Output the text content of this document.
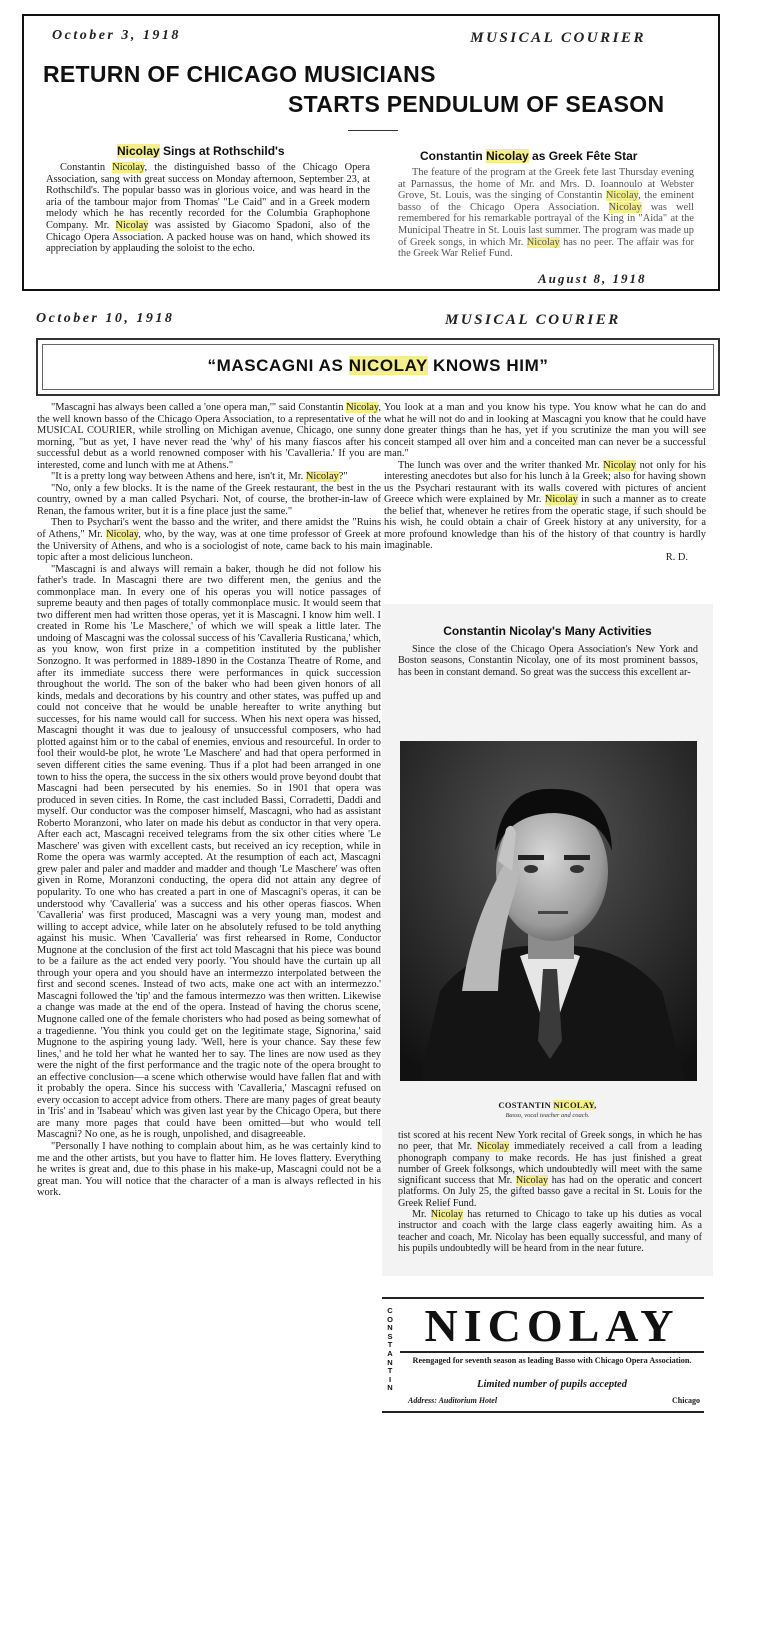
October 3, 1918	MUSICAL COURIER
RETURN OF CHICAGO MUSICIANS
STARTS PENDULUM OF SEASON
Nicolay Sings at Rothschild's
Constantin Nicolay, the distinguished basso of the Chicago Opera Association, sang with great success on Monday afternoon, September 23, at Rothschild's. The popular basso was in glorious voice, and was heard in the aria of the tambour major from Thomas' "Le Caid" and in a Greek modern melody which he has recently recorded for the Columbia Graphophone Company. Mr. Nicolay was assisted by Giacomo Spadoni, also of the Chicago Opera Association. A packed house was on hand, which showed its appreciation by applauding the soloist to the echo.
Constantin Nicolay as Greek Fête Star
The feature of the program at the Greek fete last Thursday evening at Parnassus, the home of Mr. and Mrs. D. Ioannoulo at Webster Grove, St. Louis, was the singing of Constantin Nicolay, the eminent basso of the Chicago Opera Association. Nicolay was well remembered for his remarkable portrayal of the King in "Aida" at the Municipal Theatre in St. Louis last summer. The program was made up of Greek songs, in which Mr. Nicolay has no peer. The affair was for the Greek War Relief Fund.
August 8, 1918
October 10, 1918	MUSICAL COURIER
“MASCAGNI AS NICOLAY KNOWS HIM”

"Mascagni has always been called a 'one opera man,'" said Constantin Nicolay, the well known basso of the Chicago Opera Association, to a representative of the MUSICAL COURIER, while strolling on Michigan avenue, Chicago, one sunny morning, "but as yet, I have never read the 'why' of his many fiascos after his successful debut as a world renowned composer with his 'Cavalleria.' If you are interested, come and lunch with me at Athens."

"It is a pretty long way between Athens and here, isn't it, Mr. Nicolay?"

"No, only a few blocks. It is the name of the Greek restaurant, the best in the country, owned by a man called Psychari. Not, of course, the brother-in-law of Renan, the famous writer, but it is a fine place just the same."

Then to Psychari's went the basso and the writer, and there amidst the "Ruins of Athens," Mr. Nicolay, who, by the way, was at one time professor of Greek at the University of Athens, and who is a sociologist of note, came back to his main topic after a most delicious luncheon.

"Mascagni is and always will remain a baker, though he did not follow his father's trade. In Mascagni there are two different men, the genius and the commonplace man. In every one of his operas you will notice passages of supreme beauty and then pages of totally commonplace music. It would seem that two different men had written those operas, yet it is Mascagni. I know him well. I created in Rome his 'Le Maschere,' of which we will speak a little later. The undoing of Mascagni was the colossal success of his 'Cavalleria Rusticana,' which, as you know, won first prize in a competition instituted by the publisher Sonzogno. It was performed in 1889-1890 in the Costanza Theatre of Rome, and after its immediate success there were performances in quick succession throughout the world. The son of the baker who had been given honors of all kinds, medals and decorations by his country and other states, was puffed up and could not conceive that he would be unable hereafter to write anything but successes, for his name would call for success. When his next opera was hissed, Mascagni thought it was due to jealousy of unsuccessful composers, who had plotted against him or to the cabal of enemies, envious and resourceful. In order to fool their would-be plot, he wrote 'Le Maschere' and had that opera performed in seven different cities the same evening. Thus if a plot had been arranged in one town to hiss the opera, the success in the six others would prove beyond doubt that Mascagni had been persecuted by his enemies. So in 1901 that opera was produced in seven cities. In Rome, the cast included Bassi, Corradetti, Daddi and myself. Our conductor was the composer himself, Mascagni, who had as assistant Roberto Moranzoni, who later on made his debut as conductor in that very opera. After each act, Mascagni received telegrams from the six other cities where 'Le Maschere' was given with excellent casts, but received an icy reception, while in Rome the opera was warmly accepted. At the resumption of each act, Mascagni grew paler and paler and madder and madder and though 'Le Maschere' was often given in Rome, Moranzoni conducting, the opera did not attain any degree of popularity. To one who has created a part in one of Mascagni's operas, it can be understood why 'Cavalleria' was a success and his other operas fiascos. When 'Cavalleria' was first produced, Mascagni was a very young man, modest and willing to accept advice, while later on he absolutely refused to be told anything against his music. When 'Cavalleria' was first rehearsed in Rome, Conductor Mugnone at the conclusion of the first act told Mascagni that his piece was bound to be a failure as the act ended very poorly. 'You should have the curtain up all through your opera and you should have an intermezzo interpolated between the first and second scenes. Instead of two acts, make one act with an intermezzo.' Mascagni followed the 'tip' and the famous intermezzo was then written. Likewise a change was made at the end of the opera. Instead of having the chorus scene, Mugnone called one of the female choristers who had posed as being somewhat of a tragedienne. 'You think you could get on the legitimate stage, Signorina,' said Mugnone to the aspiring young lady. 'Well, here is your chance. Say these few lines,' and he told her what he wanted her to say. The lines are now used as they were the night of the first performance and the tragic note of the opera brought to an effective conclusion—a scene which otherwise would have fallen flat and with it probably the opera. Since his success with 'Cavalleria,' Mascagni refused on every occasion to accept advice from others. There are many pages of great beauty in 'Iris' and in 'Isabeau' which was given last year by the Chicago Opera, but there are many more pages that could have been omitted—but who would tell Mascagni? No one, as he is rough, unpolished, and disagreeable.

"Personally I have nothing to complain about him, as he was certainly kind to me and the other artists, but you have to flatter him. He loves flattery. Everything he writes is great and, due to this phase in his make-up, Mascagni could not be a great man. You will notice that the character of a man is always reflected in his work.

You look at a man and you know his type. You know what he can do and what he will not do and in looking at Mascagni you know that he could have done greater things than he has, yet if you scrutinize the man you will see conceit stamped all over him and a conceited man can never be a successful man."

The lunch was over and the writer thanked Mr. Nicolay not only for his interesting anecdotes but also for his lunch à la Greek; also for having shown us the Psychari restaurant with its walls covered with pictures of ancient Greece which were explained by Mr. Nicolay in such a manner as to create the belief that, whenever he retires from the operatic stage, if such should be his wish, he could obtain a chair of Greek history at any university, for a more profound knowledge than his of the history of that country is hardly imaginable.

R. D.
Constantin Nicolay's Many Activities
Since the close of the Chicago Opera Association's New York and Boston seasons, Constantin Nicolay, one of its most prominent bassos, has been in constant demand. So great was the success this excellent ar-
COSTANTIN NICOLAY,
Basso, vocal teacher and coach.

tist scored at his recent New York recital of Greek songs, in which he has no peer, that Mr. Nicolay immediately received a call from a leading phonograph company to make records. He has just finished a great number of Greek folksongs, which undoubtedly will meet with the same significant success that Mr. Nicolay has had on the operatic and concert platforms. On July 25, the gifted basso gave a recital in St. Louis for the Greek Relief Fund.

Mr. Nicolay has returned to Chicago to take up his duties as vocal instructor and coach with the large class eagerly awaiting him. As a teacher and coach, Mr. Nicolay has been equally successful, and many of his pupils undoubtedly will be heard from in the near future.

C
O
N
S
T
A
N
T
I
N
NICOLAY
Reengaged for seventh season as leading Basso with Chicago Opera Association.
Limited number of pupils accepted
Address: Auditorium Hotel	Chicago
